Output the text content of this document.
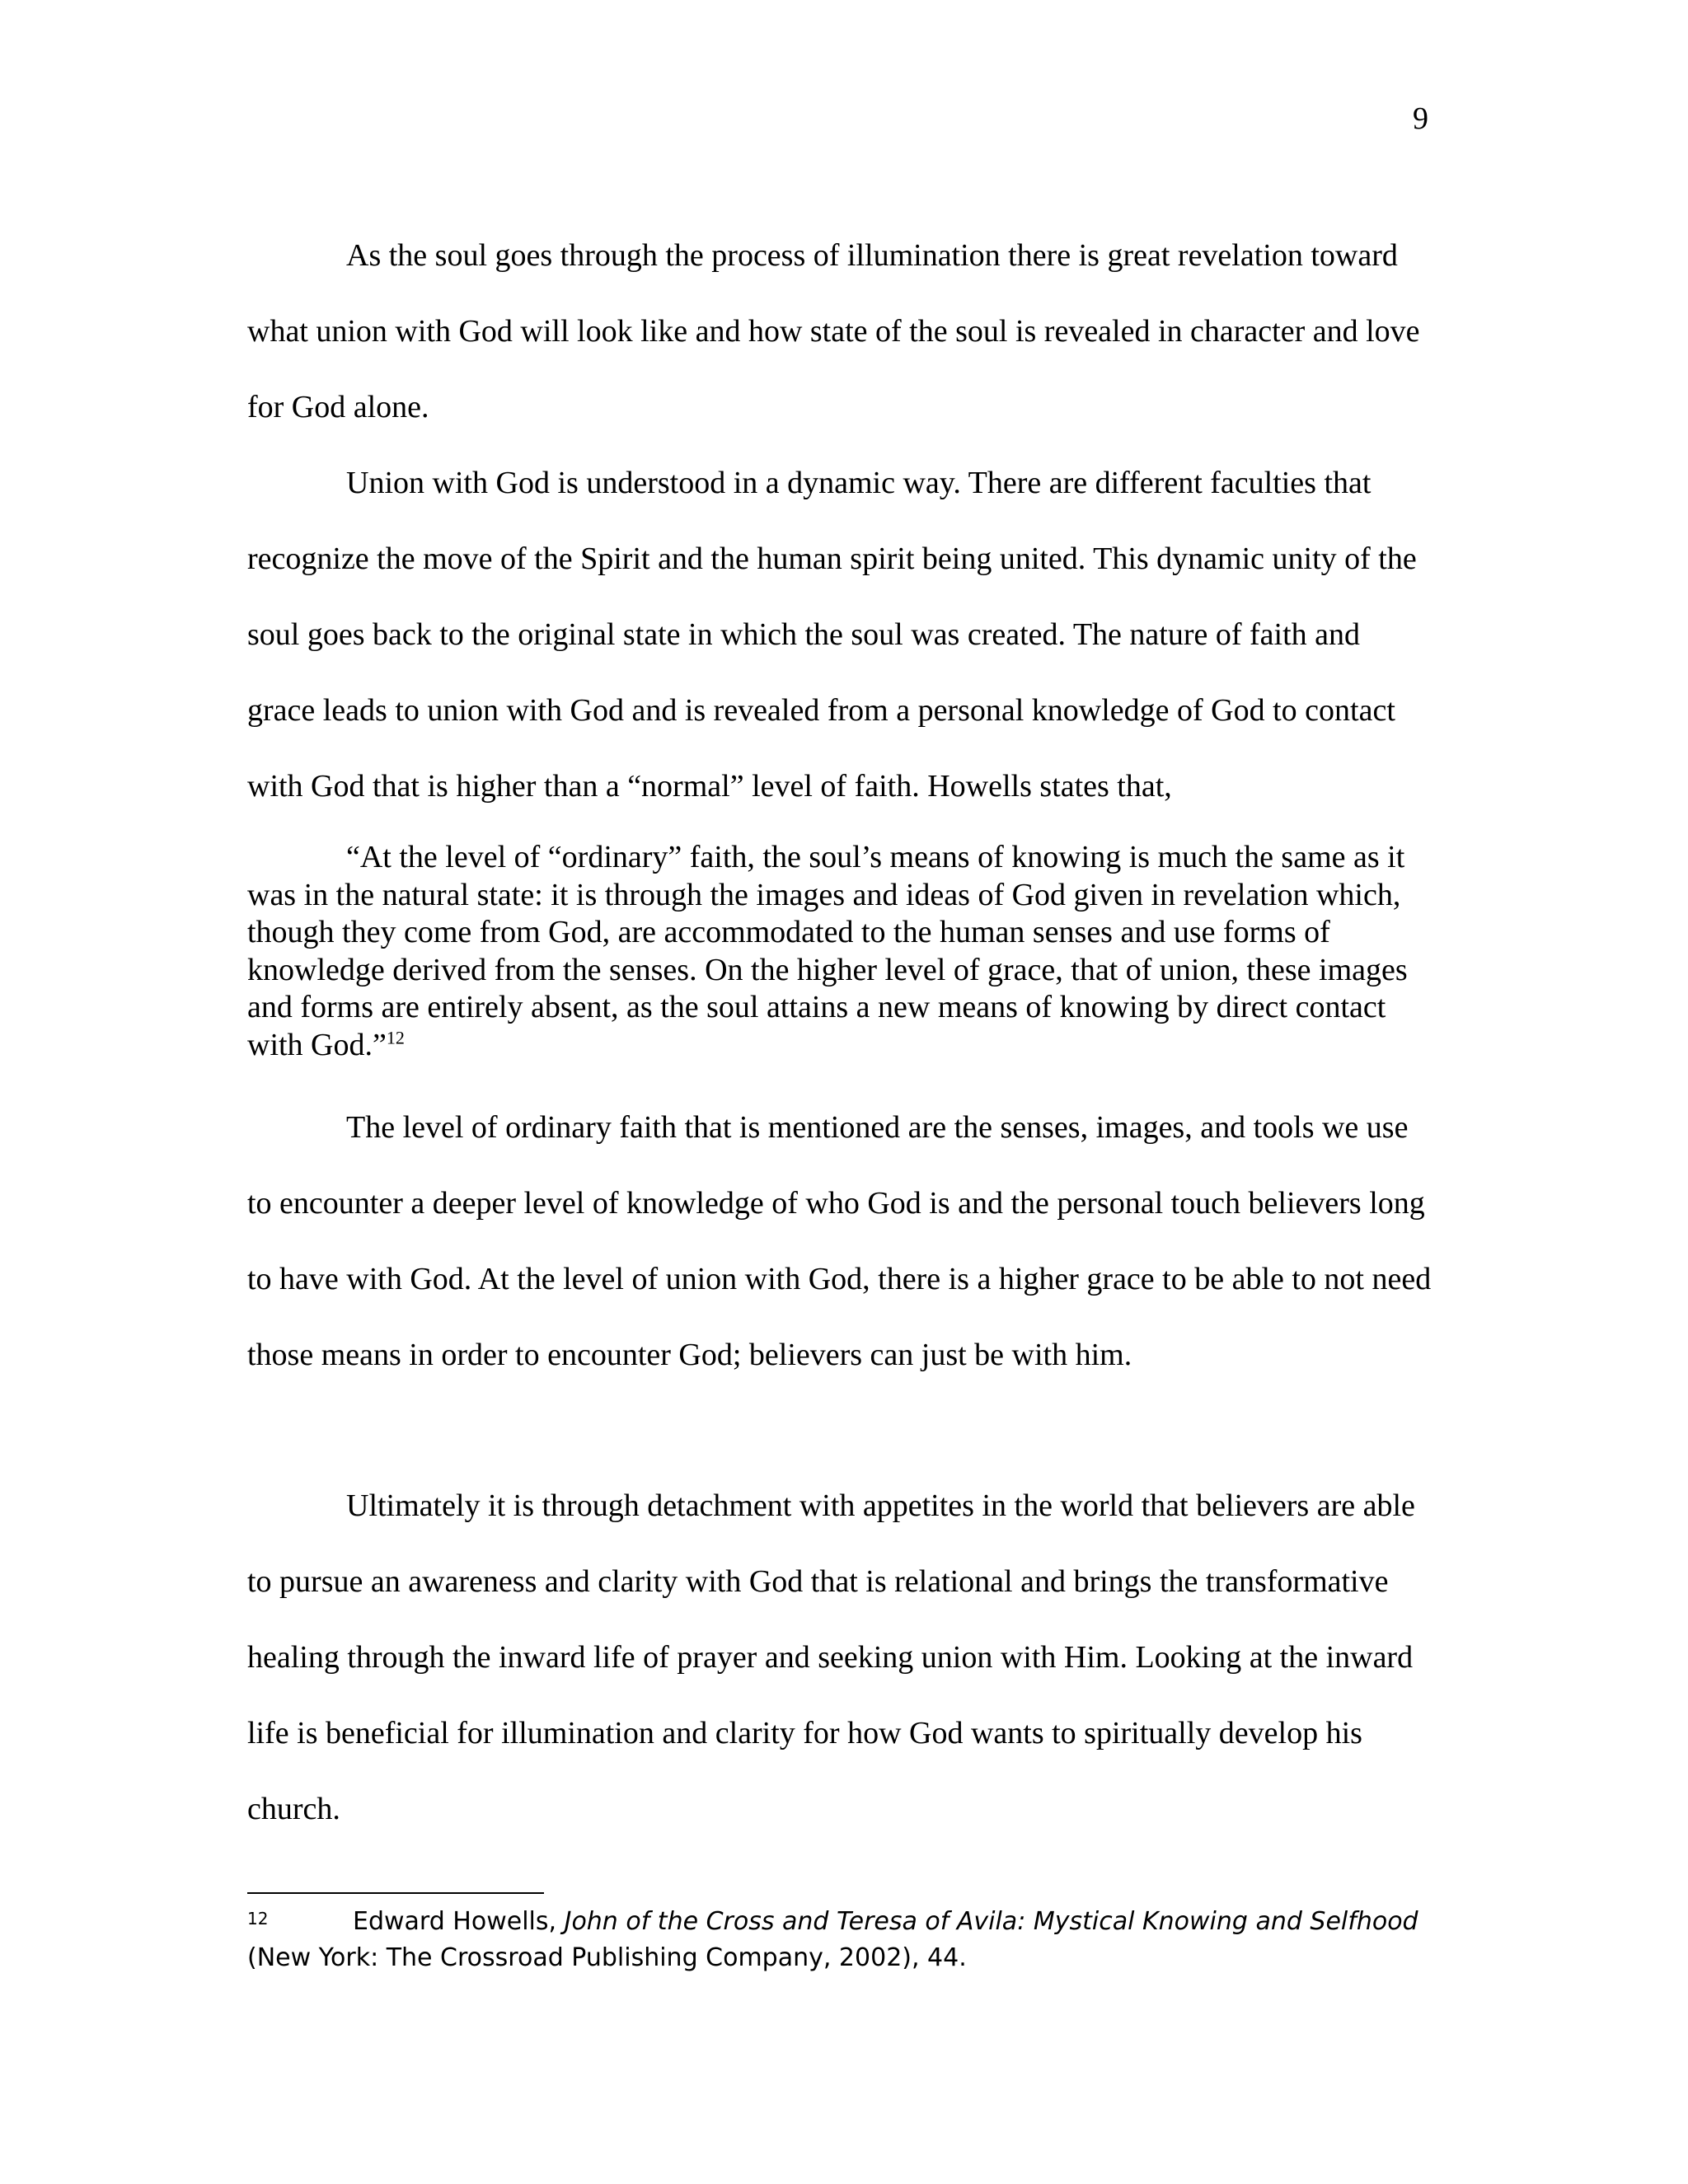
9

As the soul goes through the process of illumination there is great revelation toward what union with God will look like and how state of the soul is revealed in character and love for God alone.

Union with God is understood in a dynamic way. There are different faculties that recognize the move of the Spirit and the human spirit being united. This dynamic unity of the soul goes back to the original state in which the soul was created. The nature of faith and grace leads to union with God and is revealed from a personal knowledge of God to contact with God that is higher than a “normal” level of faith. Howells states that,

“At the level of “ordinary” faith, the soul’s means of knowing is much the same as it was in the natural state: it is through the images and ideas of God given in revelation which, though they come from God, are accommodated to the human senses and use forms of knowledge derived from the senses. On the higher level of grace, that of union, these images and forms are entirely absent, as the soul attains a new means of knowing by direct contact with God.”$^{12}$

The level of ordinary faith that is mentioned are the senses, images, and tools we use to encounter a deeper level of knowledge of who God is and the personal touch believers long to have with God. At the level of union with God, there is a higher grace to be able to not need those means in order to encounter God; believers can just be with him.

Ultimately it is through detachment with appetites in the world that believers are able to pursue an awareness and clarity with God that is relational and brings the transformative healing through the inward life of prayer and seeking union with Him. Looking at the inward life is beneficial for illumination and clarity for how God wants to spiritually develop his church.

12	Edward Howells, John of the Cross and Teresa of Avila: Mystical Knowing and Selfhood (New York: The Crossroad Publishing Company, 2002), 44.
